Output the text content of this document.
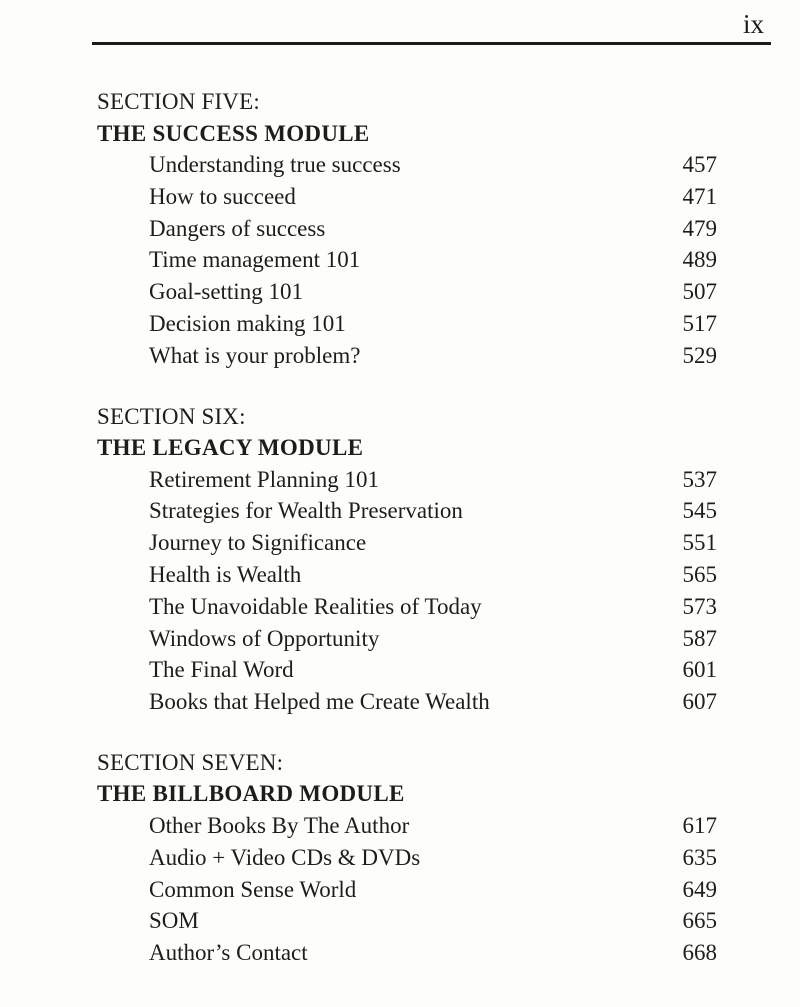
ix
SECTION FIVE:
THE SUCCESS MODULE
Understanding true success	457
How to succeed	471
Dangers of success	479
Time management 101	489
Goal-setting 101	507
Decision making 101	517
What is your problem?	529
SECTION SIX:
THE LEGACY MODULE
Retirement Planning 101	537
Strategies for Wealth Preservation	545
Journey to Significance	551
Health is Wealth	565
The Unavoidable Realities of Today	573
Windows of Opportunity	587
The Final Word	601
Books that Helped me Create Wealth	607
SECTION SEVEN:
THE BILLBOARD MODULE
Other Books By The Author	617
Audio + Video CDs & DVDs	635
Common Sense World	649
SOM	665
Author’s Contact	668
